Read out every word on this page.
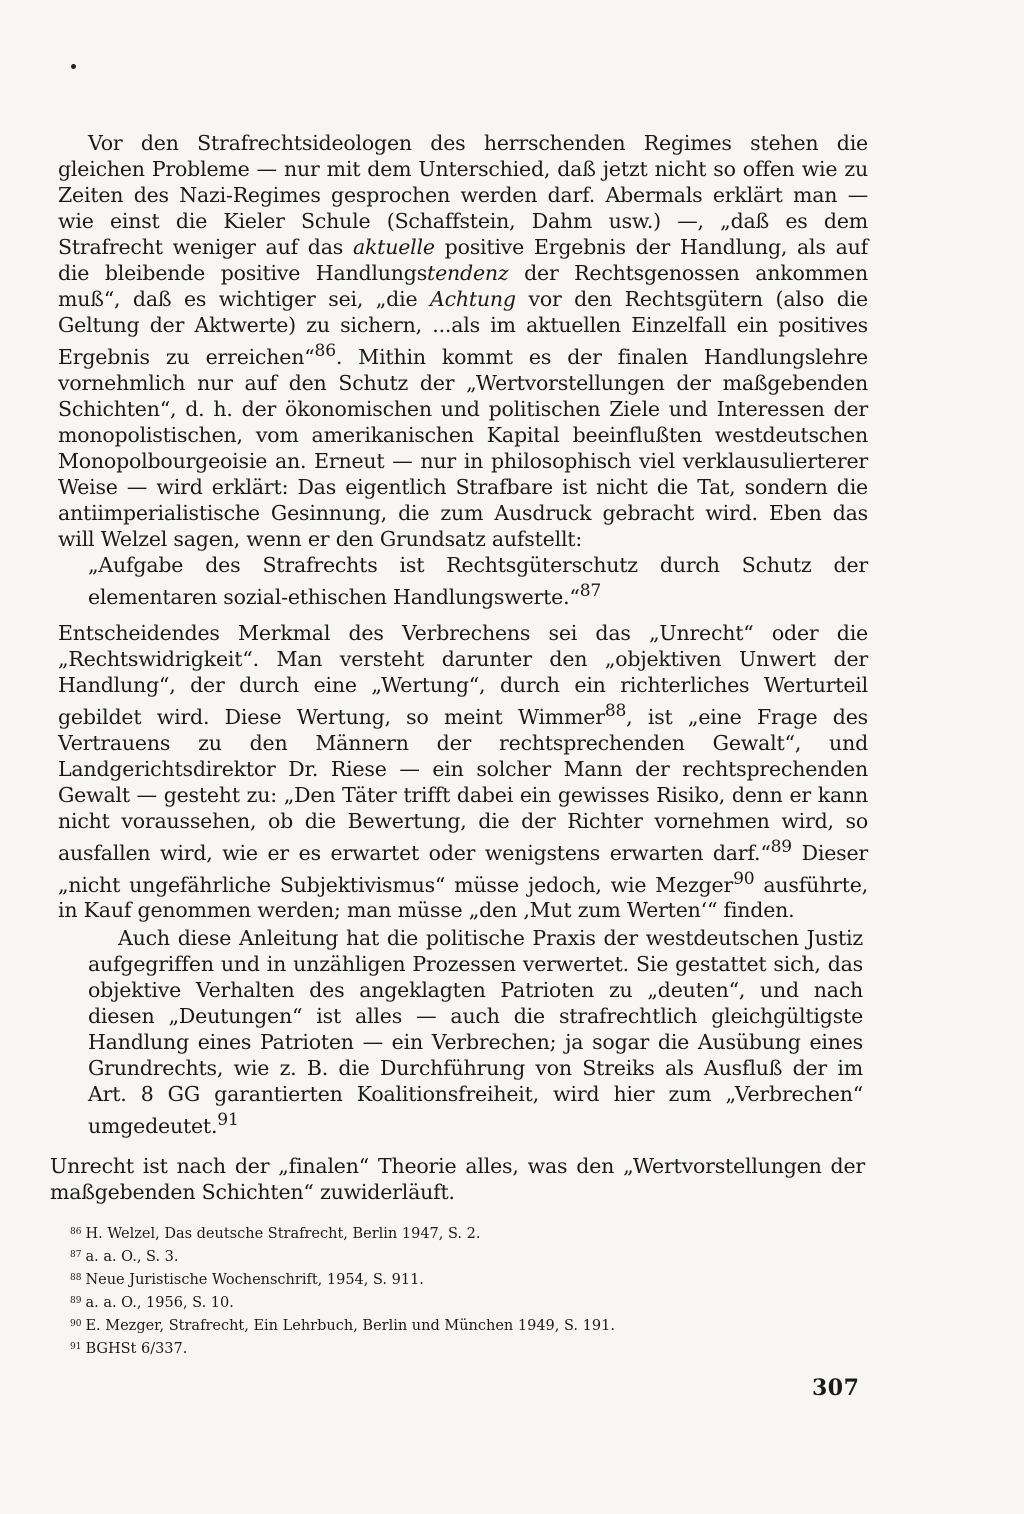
Vor den Strafrechtsideologen des herrschenden Regimes stehen die gleichen Probleme — nur mit dem Unterschied, daß jetzt nicht so offen wie zu Zeiten des Nazi-Regimes gesprochen werden darf. Abermals erklärt man — wie einst die Kieler Schule (Schaffstein, Dahm usw.) —, „daß es dem Strafrecht weniger auf das aktuelle positive Ergebnis der Handlung, als auf die bleibende positive Handlungstendenz der Rechtsgenossen ankommen muß“, daß es wichtiger sei, „die Achtung vor den Rechtsgütern (also die Geltung der Aktwerte) zu sichern, ...als im aktuellen Einzelfall ein positives Ergebnis zu erreichen“$^{86}$. Mithin kommt es der finalen Handlungslehre vornehmlich nur auf den Schutz der „Wertvorstellungen der maßgebenden Schichten“, d. h. der ökonomischen und politischen Ziele und Interessen der monopolistischen, vom amerikanischen Kapital beeinflußten westdeutschen Monopolbourgeoisie an. Erneut — nur in philosophisch viel verklausulierterer Weise — wird erklärt: Das eigentlich Strafbare ist nicht die Tat, sondern die antiimperialistische Gesinnung, die zum Ausdruck gebracht wird. Eben das will Welzel sagen, wenn er den Grundsatz aufstellt:

„Aufgabe des Strafrechts ist Rechtsgüterschutz durch Schutz der elementaren sozial-ethischen Handlungswerte.“$^{87}$

Entscheidendes Merkmal des Verbrechens sei das „Unrecht“ oder die „Rechtswidrigkeit“. Man versteht darunter den „objektiven Unwert der Handlung“, der durch eine „Wertung“, durch ein richterliches Werturteil gebildet wird. Diese Wertung, so meint Wimmer$^{88}$, ist „eine Frage des Vertrauens zu den Männern der rechtsprechenden Gewalt“, und Landgerichtsdirektor Dr. Riese — ein solcher Mann der rechtsprechenden Gewalt — gesteht zu: „Den Täter trifft dabei ein gewisses Risiko, denn er kann nicht voraussehen, ob die Bewertung, die der Richter vornehmen wird, so ausfallen wird, wie er es erwartet oder wenigstens erwarten darf.“$^{89}$ Dieser „nicht ungefährliche Subjektivismus“ müsse jedoch, wie Mezger$^{90}$ ausführte, in Kauf genommen werden; man müsse „den ‚Mut zum Werten‘“ finden.

Auch diese Anleitung hat die politische Praxis der westdeutschen Justiz aufgegriffen und in unzähligen Prozessen verwertet. Sie gestattet sich, das objektive Verhalten des angeklagten Patrioten zu „deuten“, und nach diesen „Deutungen“ ist alles — auch die strafrechtlich gleichgültigste Handlung eines Patrioten — ein Verbrechen; ja sogar die Ausübung eines Grundrechts, wie z. B. die Durchführung von Streiks als Ausfluß der im Art. 8 GG garantierten Koalitionsfreiheit, wird hier zum „Verbrechen“ umgedeutet.$^{91}$

Unrecht ist nach der „finalen“ Theorie alles, was den „Wertvorstellungen der maßgebenden Schichten“ zuwiderläuft.

$^{86}$ H. Welzel, Das deutsche Strafrecht, Berlin 1947, S. 2.
$^{87}$ a. a. O., S. 3.
$^{88}$ Neue Juristische Wochenschrift, 1954, S. 911.
$^{89}$ a. a. O., 1956, S. 10.
$^{90}$ E. Mezger, Strafrecht, Ein Lehrbuch, Berlin und München 1949, S. 191.
$^{91}$ BGHSt 6/337.
307
